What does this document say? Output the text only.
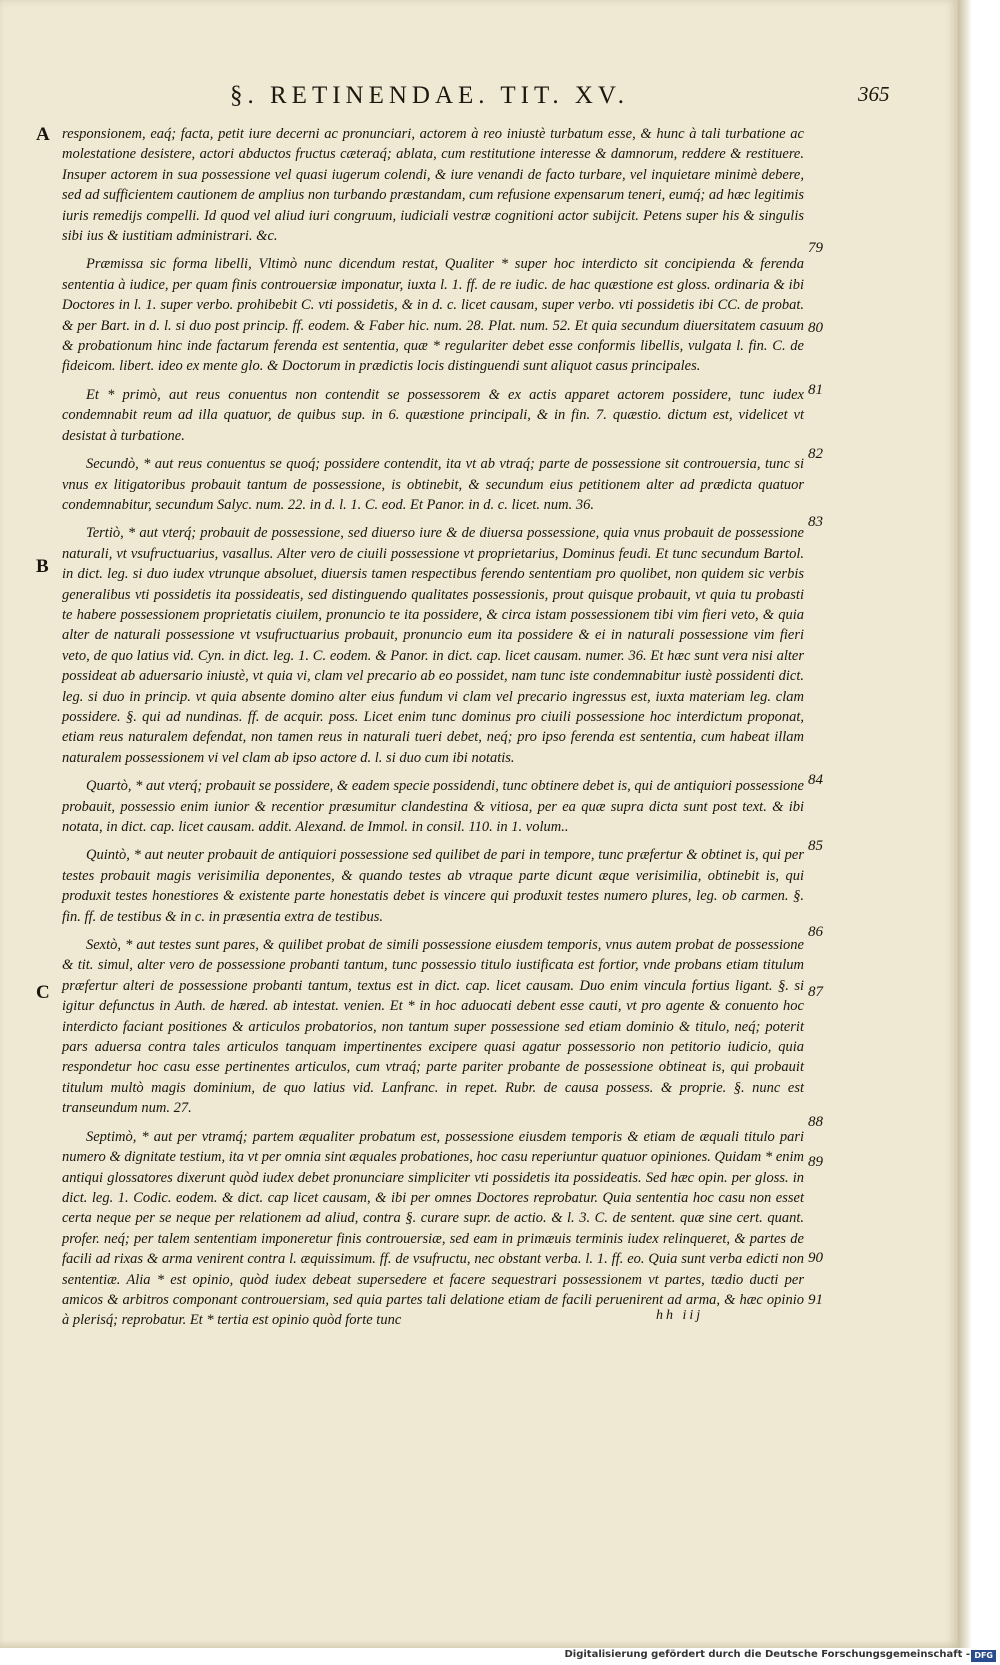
§. RETINENDAE. TIT. XV.	365
A
B
C
79
80
81
82
83
84
85
86
87
88
89
90
91

responsionem, eaq́; facta, petit iure decerni ac pronunciari, actorem à reo iniustè turbatum esse, & hunc à tali turbatione ac molestatione desistere, actori abductos fructus cæteraq́; ablata, cum restitutione interesse & damnorum, reddere & restituere. Insuper actorem in sua possessione vel quasi iugerum colendi, & iure venandi de facto turbare, vel inquietare minimè debere, sed ad sufficientem cautionem de amplius non turbando præstandam, cum refusione expensarum teneri, eumq́; ad hæc legitimis iuris remedijs compelli. Id quod vel aliud iuri congruum, iudiciali vestræ cognitioni actor subijcit. Petens super his & singulis sibi ius & iustitiam administrari. &c.

Præmissa sic forma libelli, Vltimò nunc dicendum restat, Qualiter * super hoc interdicto sit concipienda & ferenda sententia à iudice, per quam finis controuersiæ imponatur, iuxta l. 1. ff. de re iudic. de hac quæstione est gloss. ordinaria & ibi Doctores in l. 1. super verbo. prohibebit C. vti possidetis, & in d. c. licet causam, super verbo. vti possidetis ibi CC. de probat. & per Bart. in d. l. si duo post princip. ff. eodem. & Faber hic. num. 28. Plat. num. 52. Et quia secundum diuersitatem casuum & probationum hinc inde factarum ferenda est sententia, quæ * regulariter debet esse conformis libellis, vulgata l. fin. C. de fideicom. libert. ideo ex mente glo. & Doctorum in prædictis locis distinguendi sunt aliquot casus principales.

Et * primò, aut reus conuentus non contendit se possessorem & ex actis apparet actorem possidere, tunc iudex condemnabit reum ad illa quatuor, de quibus sup. in 6. quæstione principali, & in fin. 7. quæstio. dictum est, videlicet vt desistat à turbatione.

Secundò, * aut reus conuentus se quoq́; possidere contendit, ita vt ab vtraq́; parte de possessione sit controuersia, tunc si vnus ex litigatoribus probauit tantum de possessione, is obtinebit, & secundum eius petitionem alter ad prædicta quatuor condemnabitur, secundum Salyc. num. 22. in d. l. 1. C. eod. Et Panor. in d. c. licet. num. 36.

Tertiò, * aut vterq́; probauit de possessione, sed diuerso iure & de diuersa possessione, quia vnus probauit de possessione naturali, vt vsufructuarius, vasallus. Alter vero de ciuili possessione vt proprietarius, Dominus feudi. Et tunc secundum Bartol. in dict. leg. si duo iudex vtrunque absoluet, diuersis tamen respectibus ferendo sententiam pro quolibet, non quidem sic verbis generalibus vti possidetis ita possideatis, sed distinguendo qualitates possessionis, prout quisque probauit, vt quia tu probasti te habere possessionem proprietatis ciuilem, pronuncio te ita possidere, & circa istam possessionem tibi vim fieri veto, & quia alter de naturali possessione vt vsufructuarius probauit, pronuncio eum ita possidere & ei in naturali possessione vim fieri veto, de quo latius vid. Cyn. in dict. leg. 1. C. eodem. & Panor. in dict. cap. licet causam. numer. 36. Et hæc sunt vera nisi alter possideat ab aduersario iniustè, vt quia vi, clam vel precario ab eo possidet, nam tunc iste condemnabitur iustè possidenti dict. leg. si duo in princip. vt quia absente domino alter eius fundum vi clam vel precario ingressus est, iuxta materiam leg. clam possidere. §. qui ad nundinas. ff. de acquir. poss. Licet enim tunc dominus pro ciuili possessione hoc interdictum proponat, etiam reus naturalem defendat, non tamen reus in naturali tueri debet, neq́; pro ipso ferenda est sententia, cum habeat illam naturalem possessionem vi vel clam ab ipso actore d. l. si duo cum ibi notatis.

Quartò, * aut vterq́; probauit se possidere, & eadem specie possidendi, tunc obtinere debet is, qui de antiquiori possessione probauit, possessio enim iunior & recentior præsumitur clandestina & vitiosa, per ea quæ supra dicta sunt post text. & ibi notata, in dict. cap. licet causam. addit. Alexand. de Immol. in consil. 110. in 1. volum..

Quintò, * aut neuter probauit de antiquiori possessione sed quilibet de pari in tempore, tunc præfertur & obtinet is, qui per testes probauit magis verisimilia deponentes, & quando testes ab vtraque parte dicunt æque verisimilia, obtinebit is, qui produxit testes honestiores & existente parte honestatis debet is vincere qui produxit testes numero plures, leg. ob carmen. §. fin. ff. de testibus & in c. in præsentia extra de testibus.

Sextò, * aut testes sunt pares, & quilibet probat de simili possessione eiusdem temporis, vnus autem probat de possessione & tit. simul, alter vero de possessione probanti tantum, tunc possessio titulo iustificata est fortior, vnde probans etiam titulum præfertur alteri de possessione probanti tantum, textus est in dict. cap. licet causam. Duo enim vincula fortius ligant. §. si igitur defunctus in Auth. de hæred. ab intestat. venien. Et * in hoc aduocati debent esse cauti, vt pro agente & conuento hoc interdicto faciant positiones & articulos probatorios, non tantum super possessione sed etiam dominio & titulo, neq́; poterit pars aduersa contra tales articulos tanquam impertinentes excipere quasi agatur possessorio non petitorio iudicio, quia respondetur hoc casu esse pertinentes articulos, cum vtraq́; parte pariter probante de possessione obtineat is, qui probauit titulum multò magis dominium, de quo latius vid. Lanfranc. in repet. Rubr. de causa possess. & proprie. §. nunc est transeundum num. 27.

Septimò, * aut per vtramq́; partem æqualiter probatum est, possessione eiusdem temporis & etiam de æquali titulo pari numero & dignitate testium, ita vt per omnia sint æquales probationes, hoc casu reperiuntur quatuor opiniones. Quidam * enim antiqui glossatores dixerunt quòd iudex debet pronunciare simpliciter vti possidetis ita possideatis. Sed hæc opin. per gloss. in dict. leg. 1. Codic. eodem. & dict. cap licet causam, & ibi per omnes Doctores reprobatur. Quia sententia hoc casu non esset certa neque per se neque per relationem ad aliud, contra §. curare supr. de actio. & l. 3. C. de sentent. quæ sine cert. quant. profer. neq́; per talem sententiam imponeretur finis controuersiæ, sed eam in primæuis terminis iudex relinqueret, & partes de facili ad rixas & arma venirent contra l. æquissimum. ff. de vsufructu, nec obstant verba. l. 1. ff. eo. Quia sunt verba edicti non sententiæ. Alia * est opinio, quòd iudex debeat supersedere et facere sequestrari possessionem vt partes, tædio ducti per amicos & arbitros componant controuersiam, sed quia partes tali delatione etiam de facili peruenirent ad arma, & hæc opinio à plerisq́; reprobatur. Et * tertia est opinio quòd forte tunc	hh iij
Digitalisierung gefördert durch die Deutsche Forschungsgemeinschaft - DFG
